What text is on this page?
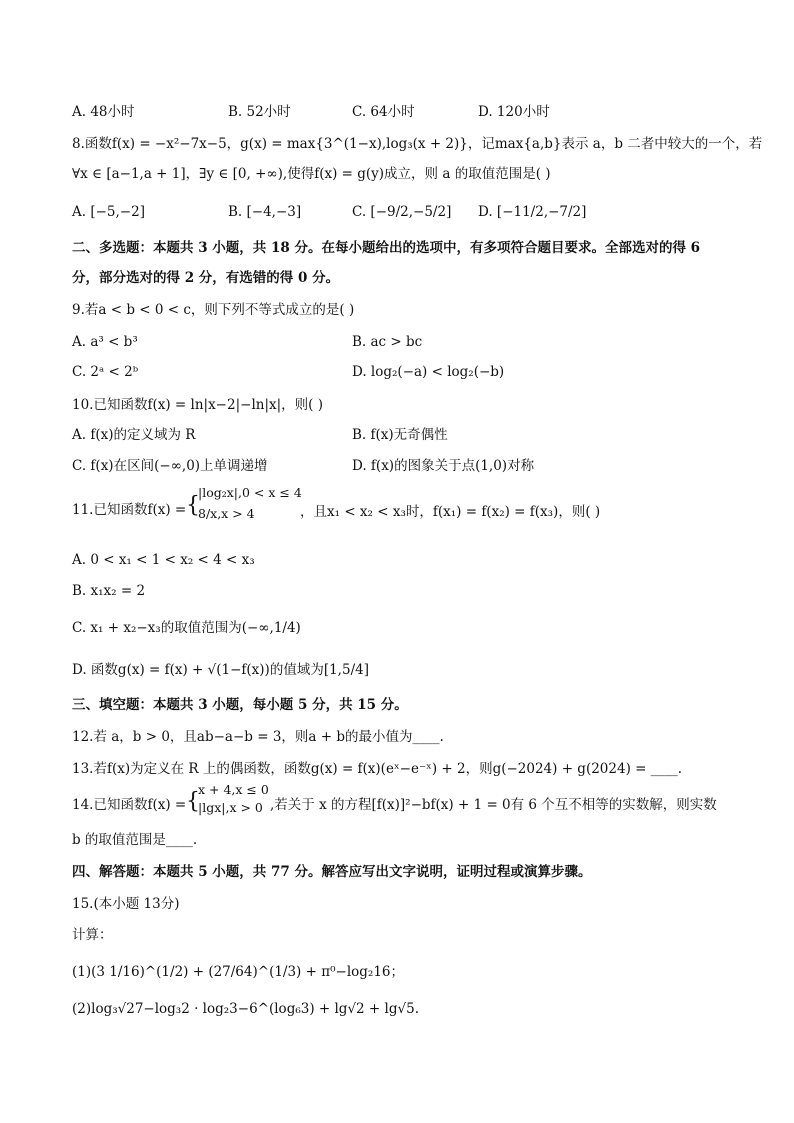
A. 48小时	B. 52小时	C. 64小时	D. 120小时
8.函数f(x) = −x²−7x−5，g(x) = max{3^(1−x),log₃(x + 2)}，记max{a,b}表示 a，b 二者中较大的一个，若
∀x ∈ [a−1,a + 1]，∃y ∈ [0, +∞),使得f(x) = g(y)成立，则 a 的取值范围是( )
A. [−5,−2]	B. [−4,−3]	C. [−9/2,−5/2] D. [−11/2,−7/2]
二、多选题：本题共 3 小题，共 18 分。在每小题给出的选项中，有多项符合题目要求。全部选对的得 6
分，部分选对的得 2 分，有选错的得 0 分。
9.若a < b < 0 < c，则下列不等式成立的是( )
A. a³ < b³	B. ac > bc
C. 2ᵃ < 2ᵇ	D. log₂(−a) < log₂(−b)
10.已知函数f(x) = ln|x−2|−ln|x|，则( )
A. f(x)的定义域为 R	B. f(x)无奇偶性
C. f(x)在区间(−∞,0)上单调递增	D. f(x)的图象关于点(1,0)对称
11.已知函数f(x) = {
|log₂x|,0 < x ≤ 4
8/x,x > 4	，且x₁ < x₂ < x₃时，f(x₁) = f(x₂) = f(x₃)，则( )
A. 0 < x₁ < 1 < x₂ < 4 < x₃
B. x₁x₂ = 2
C. x₁ + x₂−x₃的取值范围为(−∞,1/4)
D. 函数g(x) = f(x) + √(1−f(x))的值域为[1,5/4]
三、填空题：本题共 3 小题，每小题 5 分，共 15 分。
12.若 a，b > 0，且ab−a−b = 3，则a + b的最小值为____.
13.若f(x)为定义在 R 上的偶函数，函数g(x) = f(x)(eˣ−e⁻ˣ) + 2，则g(−2024) + g(2024) = ____.
14.已知函数f(x) = {
x + 4,x ≤ 0
|lgx|,x > 0 ,若关于 x 的方程[f(x)]²−bf(x) + 1 = 0有 6 个互不相等的实数解，则实数
b 的取值范围是____.
四、解答题：本题共 5 小题，共 77 分。解答应写出文字说明，证明过程或演算步骤。
15.(本小题 13分)
计算：
(1)(3 1/16)^(1/2) + (27/64)^(1/3) + π⁰−log₂16；
(2)log₃√27−log₃2 · log₂3−6^(log₆3) + lg√2 + lg√5.
